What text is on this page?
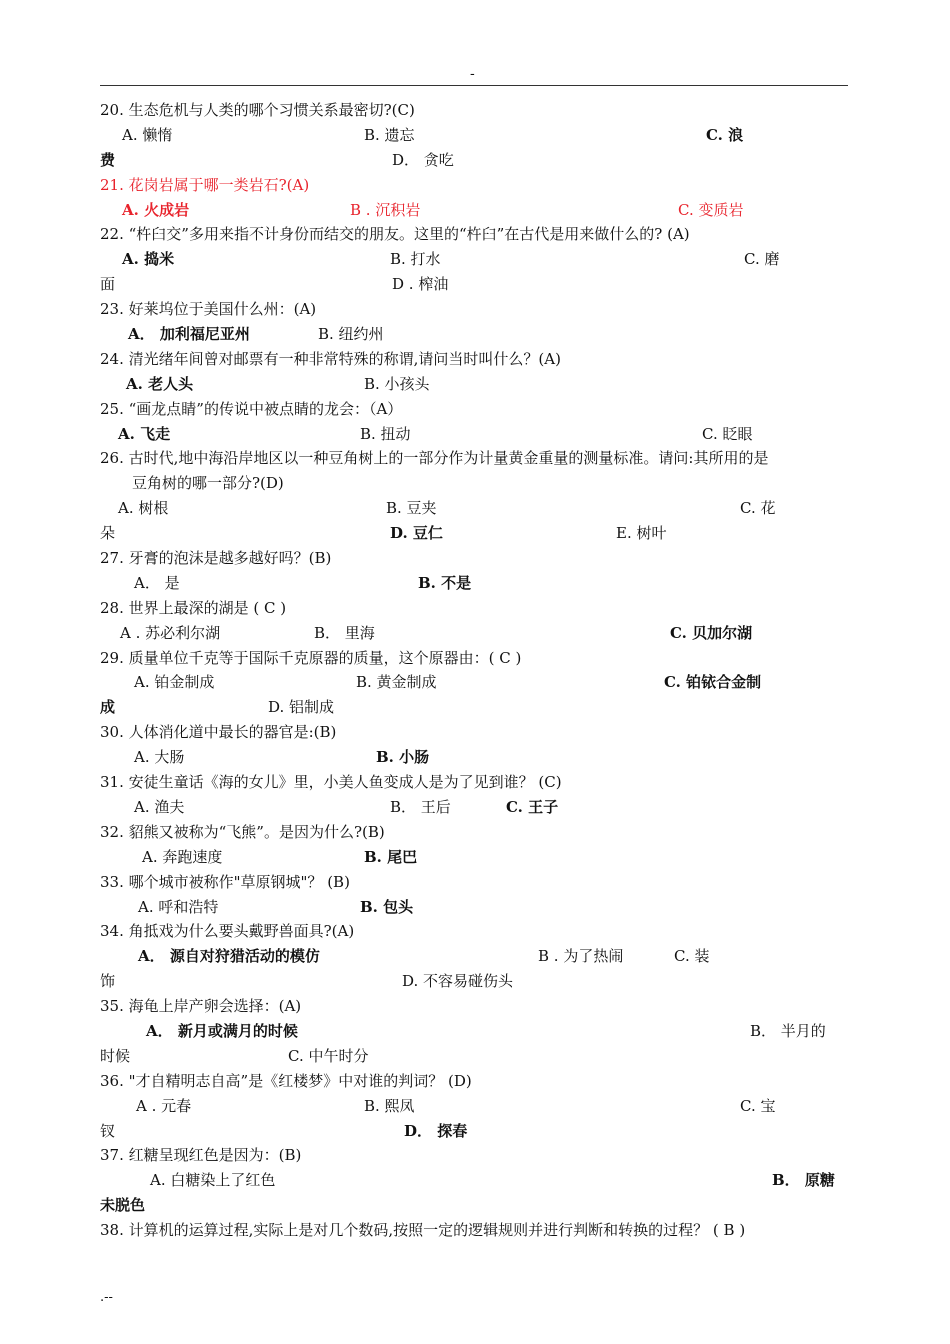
-
20. 生态危机与人类的哪个习惯关系最密切?(C)
A. 懒惰	B. 遗忘	C. 浪
费	D． 贪吃
21. 花岗岩属于哪一类岩石?(A)
A. 火成岩	B . 沉积岩	C. 变质岩
22. “杵臼交”多用来指不计身份而结交的朋友。这里的“杵臼”在古代是用来做什么的? (A)
A. 捣米	B. 打水	C. 磨
面	D . 榨油
23. 好莱坞位于美国什么州：(A)
A． 加利福尼亚州	B. 纽约州
24. 清光绪年间曾对邮票有一种非常特殊的称谓,请问当时叫什么？(A)
A. 老人头	B. 小孩头
25. “画龙点睛”的传说中被点睛的龙会：（A）
A. 飞走	B. 扭动	C. 眨眼
26. 古时代,地中海沿岸地区以一种豆角树上的一部分作为计量黄金重量的测量标准。请问:其所用的是
豆角树的哪一部分?(D)
A. 树根	B. 豆夹	C. 花
朵	D. 豆仁	E. 树叶
27. 牙膏的泡沫是越多越好吗？(B)
A． 是	B. 不是
28. 世界上最深的湖是 ( C )
A . 苏必利尔湖	B． 里海	C. 贝加尔湖
29. 质量单位千克等于国际千克原器的质量，这个原器由：( C )
A. 铂金制成	B. 黄金制成	C. 铂铱合金制
成	D. 铝制成
30. 人体消化道中最长的器官是:(B)
A. 大肠	B. 小肠
31. 安徒生童话《海的女儿》里，小美人鱼变成人是为了见到谁？ (C)
A. 渔夫	B． 王后	C. 王子
32. 貂熊又被称为“飞熊”。是因为什么?(B)
A. 奔跑速度	B. 尾巴
33. 哪个城市被称作"草原钢城"？ (B)
A. 呼和浩特	B. 包头
34. 角抵戏为什么要头戴野兽面具?(A)
A． 源自对狩猎活动的模仿	B . 为了热闹	C. 装
饰	D. 不容易碰伤头
35. 海龟上岸产卵会选择：(A)
A． 新月或满月的时候	B． 半月的
时候	C. 中午时分
36. "才自精明志自高”是《红楼梦》中对谁的判词？ (D)
A . 元春	B. 熙凤	C. 宝
钗	D． 探春
37. 红糖呈现红色是因为：(B)
A. 白糖染上了红色	B． 原糖
未脱色
38. 计算机的运算过程,实际上是对几个数码,按照一定的逻辑规则并进行判断和转换的过程？ ( B )
.--
